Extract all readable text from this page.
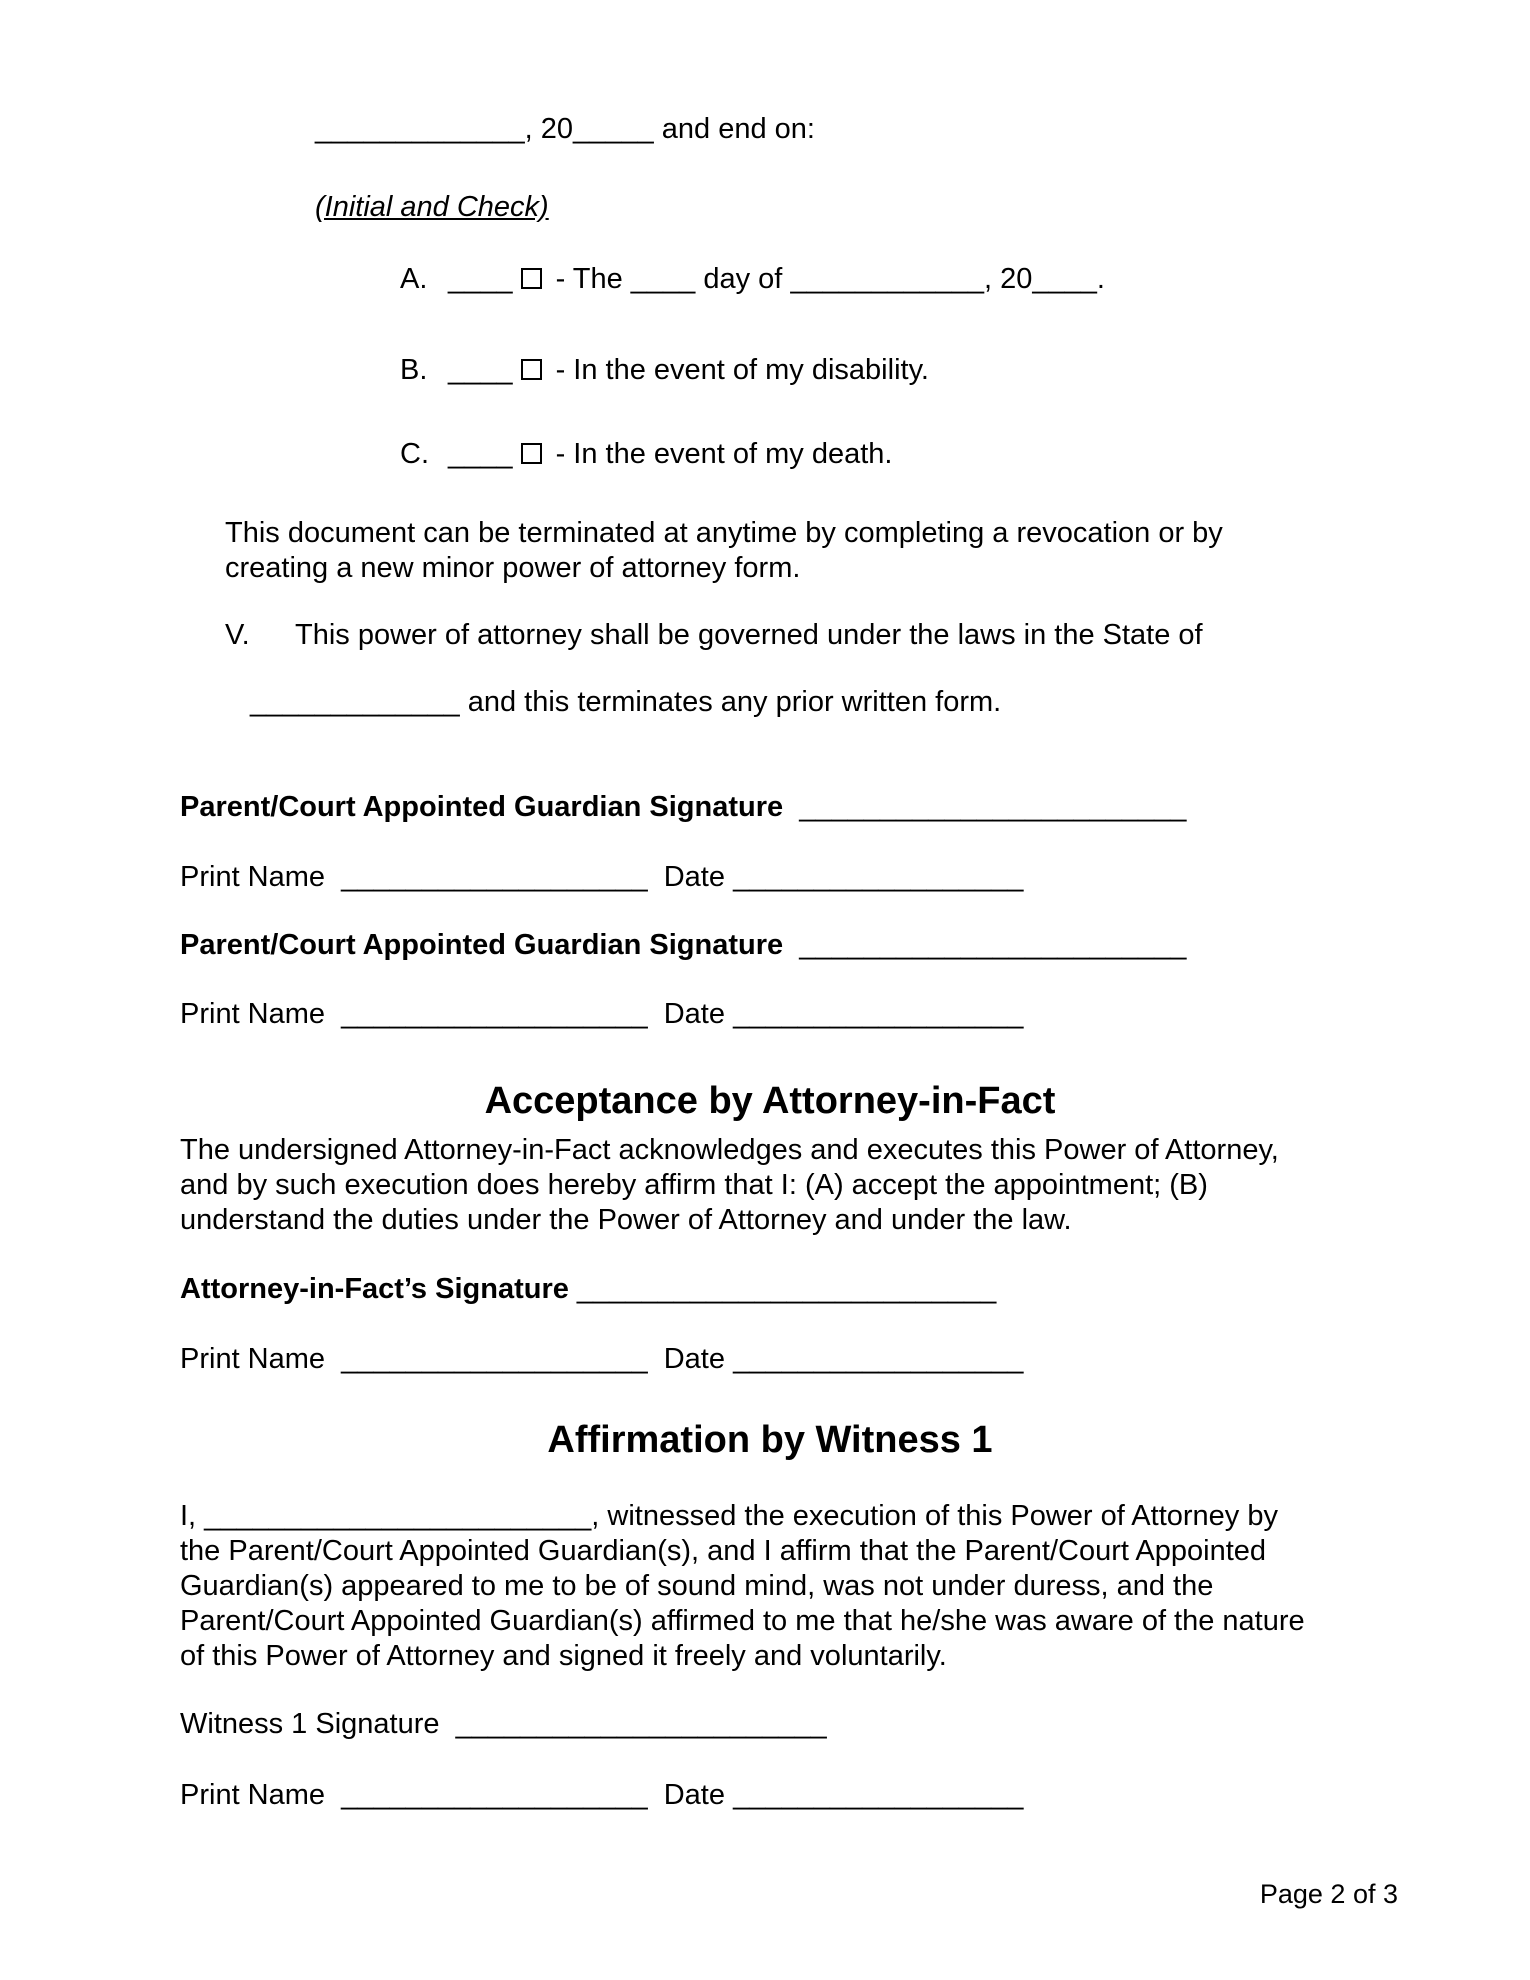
_____________, 20_____ and end on:
(Initial and Check)
A. ____ - The ____ day of ____________, 20____.
B. ____ - In the event of my disability.
C. ____ - In the event of my death.
This document can be terminated at anytime by completing a revocation or by
creating a new minor power of attorney form.
V. This power of attorney shall be governed under the laws in the State of
_____________ and this terminates any prior written form.
Parent/Court Appointed Guardian Signature  ________________________
Print Name  ___________________  Date __________________
Parent/Court Appointed Guardian Signature  ________________________
Print Name  ___________________  Date __________________
Acceptance by Attorney-in-Fact
The undersigned Attorney-in-Fact acknowledges and executes this Power of Attorney,
and by such execution does hereby affirm that I: (A) accept the appointment; (B)
understand the duties under the Power of Attorney and under the law.
Attorney-in-Fact’s Signature __________________________
Print Name  ___________________  Date __________________
Affirmation by Witness 1
I, ________________________, witnessed the execution of this Power of Attorney by
the Parent/Court Appointed Guardian(s), and I affirm that the Parent/Court Appointed
Guardian(s) appeared to me to be of sound mind, was not under duress, and the
Parent/Court Appointed Guardian(s) affirmed to me that he/she was aware of the nature
of this Power of Attorney and signed it freely and voluntarily.
Witness 1 Signature  _______________________
Print Name  ___________________  Date __________________
Page 2 of 3
